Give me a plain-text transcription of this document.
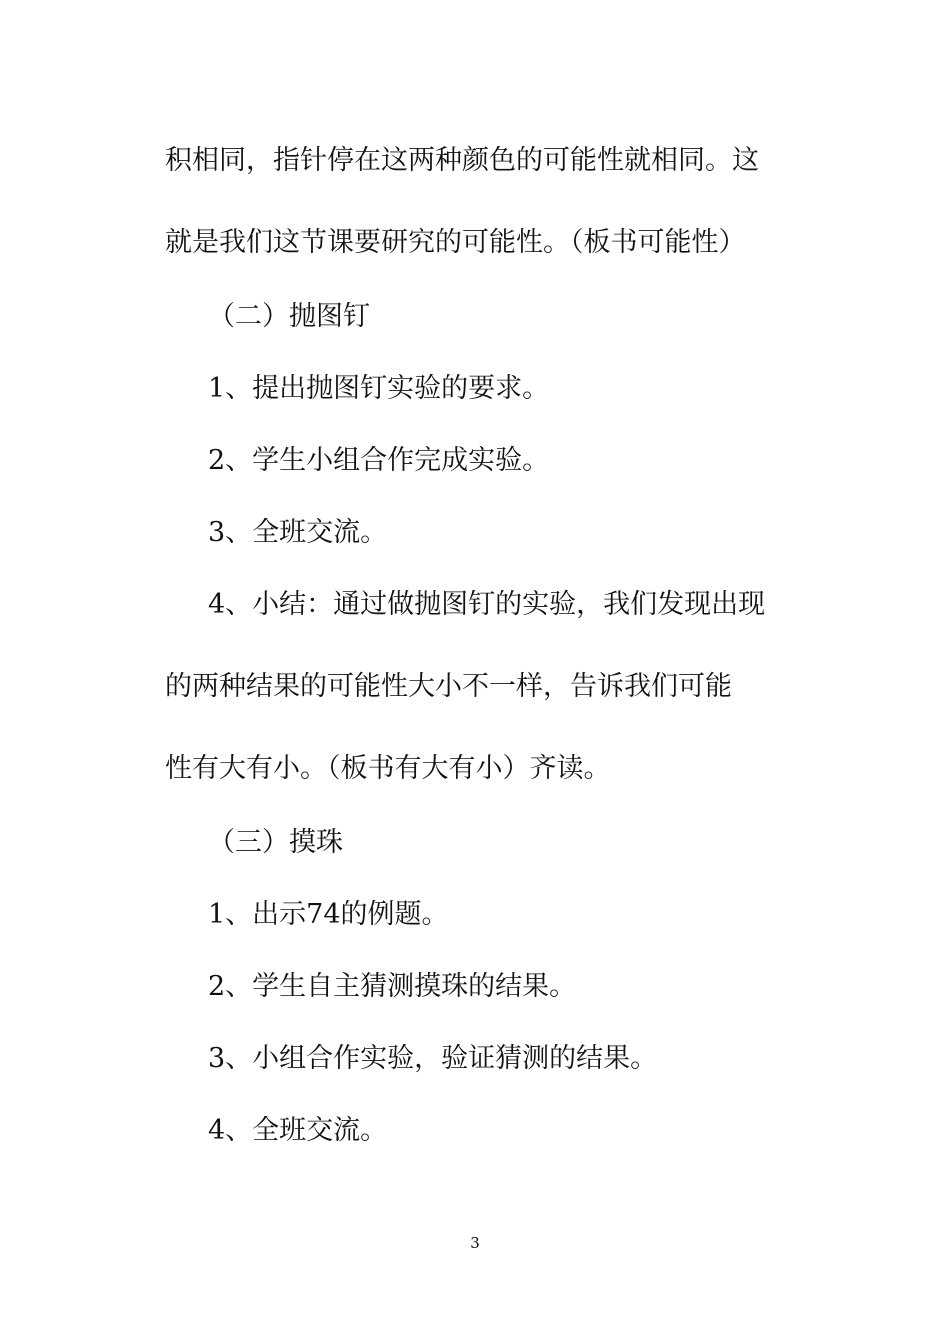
积相同，指针停在这两种颜色的可能性就相同。这
就是我们这节课要研究的可能性。（板书可能性）
（二）抛图钉
1、提出抛图钉实验的要求。
2、学生小组合作完成实验。
3、全班交流。
4、小结：通过做抛图钉的实验，我们发现出现
的两种结果的可能性大小不一样，告诉我们可能
性有大有小。（板书有大有小）齐读。
（三）摸珠
1、出示74的例题。
2、学生自主猜测摸珠的结果。
3、小组合作实验，验证猜测的结果。
4、全班交流。
3
